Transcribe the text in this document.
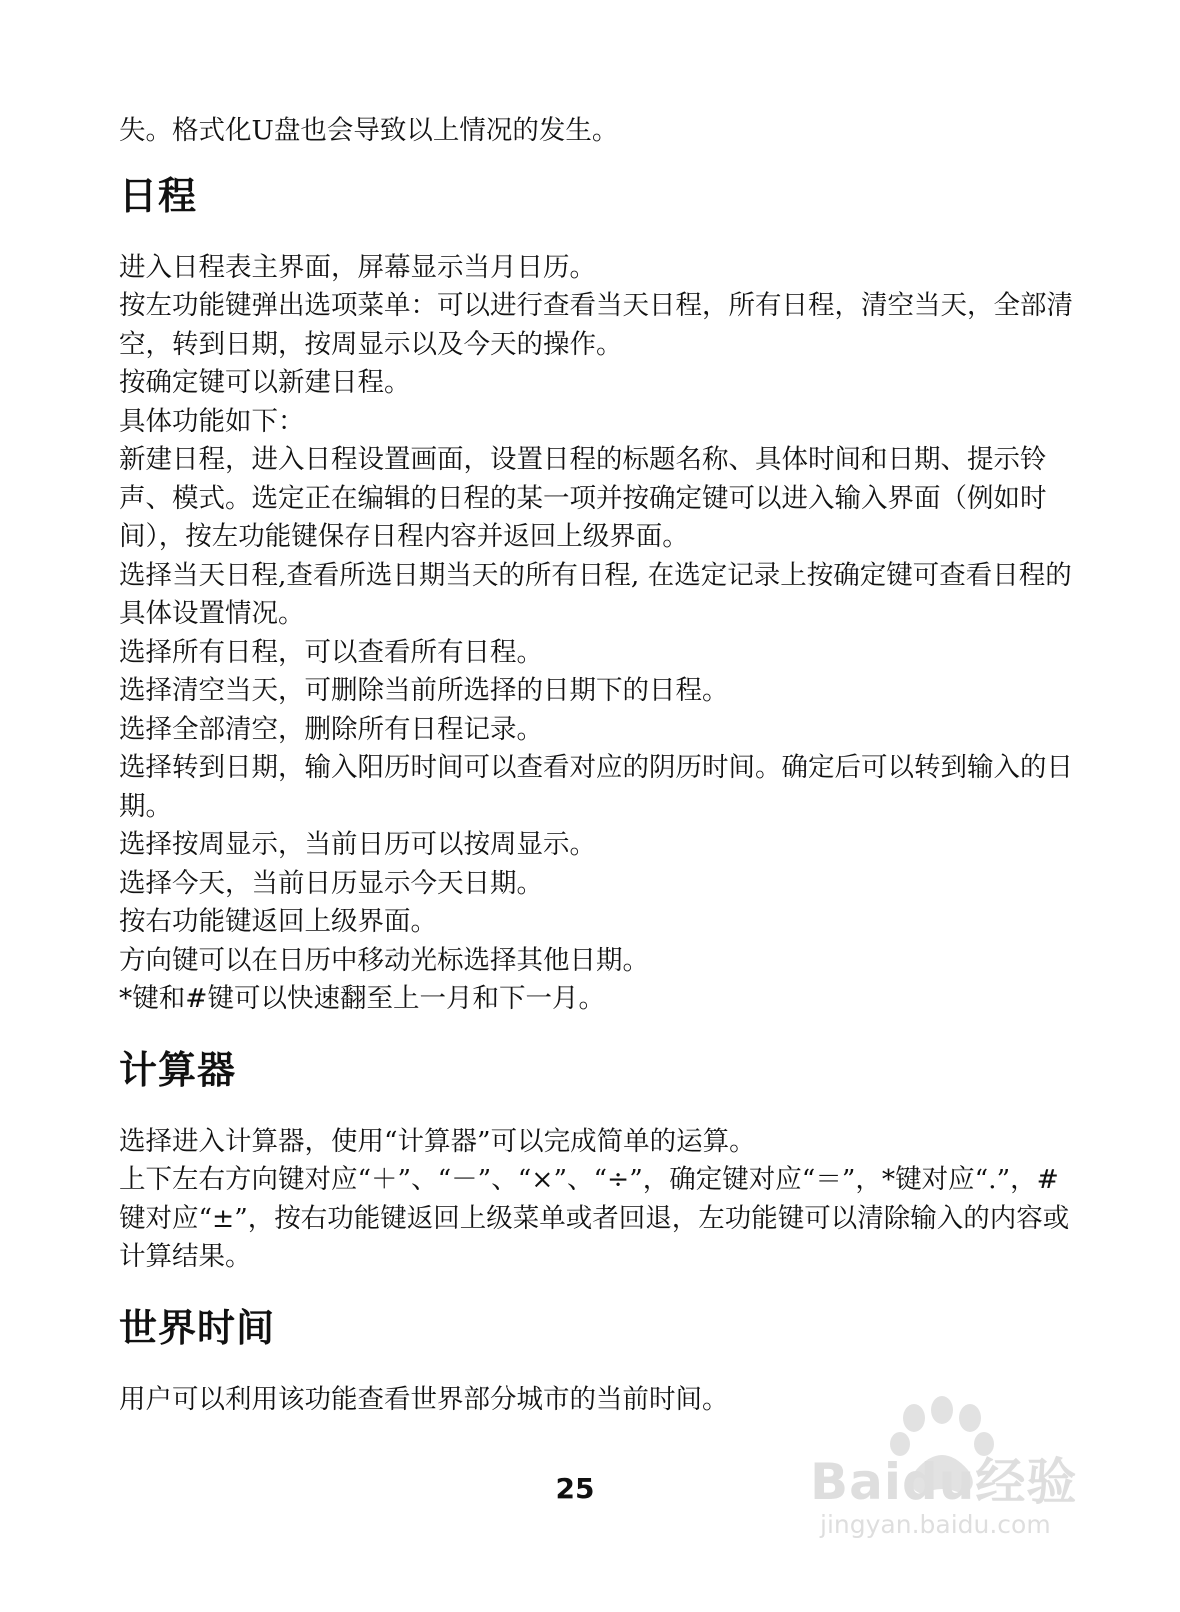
失。格式化U盘也会导致以上情况的发生。

日程

进入日程表主界面，屏幕显示当月日历。

按左功能键弹出选项菜单：可以进行查看当天日程，所有日程，清空当天，全部清空，转到日期，按周显示以及今天的操作。

按确定键可以新建日程。

具体功能如下：

新建日程，进入日程设置画面，设置日程的标题名称、具体时间和日期、提示铃声、模式。选定正在编辑的日程的某一项并按确定键可以进入输入界面（例如时间），按左功能键保存日程内容并返回上级界面。

选择当天日程,查看所选日期当天的所有日程, 在选定记录上按确定键可查看日程的具体设置情况。

选择所有日程，可以查看所有日程。

选择清空当天，可删除当前所选择的日期下的日程。

选择全部清空，删除所有日程记录。

选择转到日期，输入阳历时间可以查看对应的阴历时间。确定后可以转到输入的日期。

选择按周显示，当前日历可以按周显示。

选择今天，当前日历显示今天日期。

按右功能键返回上级界面。

方向键可以在日历中移动光标选择其他日期。

*键和#键可以快速翻至上一月和下一月。

计算器

选择进入计算器，使用“计算器”可以完成简单的运算。

上下左右方向键对应“＋”、“－”、“×”、“÷”，确定键对应“＝”，*键对应“.”，#键对应“±”，按右功能键返回上级菜单或者回退，左功能键可以清除输入的内容或计算结果。

世界时间

用户可以利用该功能查看世界部分城市的当前时间。

25	Baidu经验
jingyan.baidu.com
